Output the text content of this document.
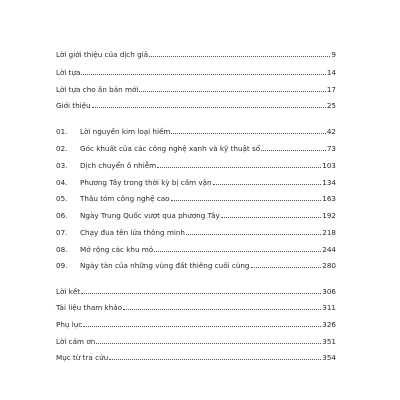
Lời giới thiệu của dịch giả	9
Lời tựa	14
Lời tựa cho ấn bản mới	17
Giới thiệu	25
01.	Lời nguyền kim loại hiếm	42
02.	Góc khuất của các công nghệ xanh và kỹ thuật số	73
03.	Dịch chuyển ô nhiễm	103
04.	Phương Tây trong thời kỳ bị cấm vận	134
05.	Thâu tóm công nghệ cao	163
06.	Ngày Trung Quốc vượt qua phương Tây	192
07.	Chạy đua tên lửa thông minh	218
08.	Mở rộng các khu mỏ	244
09.	Ngày tàn của những vùng đất thiêng cuối cùng	280
Lời kết	306
Tài liệu tham khảo	311
Phụ lục	326
Lời cảm ơn	351
Mục từ tra cứu	354
